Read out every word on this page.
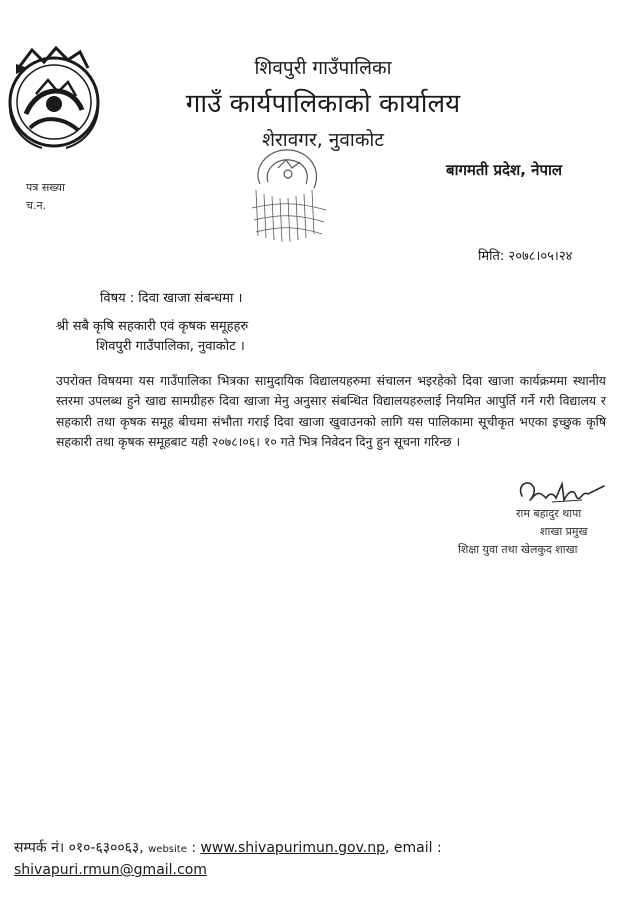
शिवपुरी गाउँपालिका
गाउँ कार्यपालिकाको कार्यालय
शेरावगर, नुवाकोट
बागमती प्रदेश, नेपाल
पत्र सख्या
च.न.
मिति: २०७८।०५।२४
विषय : दिवा खाजा संबन्धमा ।
श्री सबै कृषि सहकारी एवं कृषक समूहहरु
शिवपुरी गाउँपालिका, नुवाकोट ।

उपरोक्त विषयमा यस गाउँपालिका भित्रका सामुदायिक विद्यालयहरुमा संचालन भइरहेको दिवा खाजा कार्यक्रममा स्थानीय स्तरमा उपलब्ध हुने खाद्य सामग्रीहरु दिवा खाजा मेनु अनुसार संबन्धित विद्यालयहरुलाई नियमित आपुर्ति गर्ने गरी विद्यालय र सहकारी तथा कृषक समूह बीचमा संभौता गराई दिवा खाजा खुवाउनको लागि यस पालिकामा सूचीकृत भएका इच्छुक कृषि सहकारी तथा कृषक समूहबाट यही २०७८।०६। १० गते भित्र निवेदन दिनु हुन सूचना गरिन्छ ।

राम बहादुर थापा
शाखा प्रमुख
शिक्षा युवा तथा खेलकुद शाखा
सम्पर्क नं। ०१०-६३००६३, website : www.shivapurimun.gov.np, email :
shivapuri.rmun@gmail.com
